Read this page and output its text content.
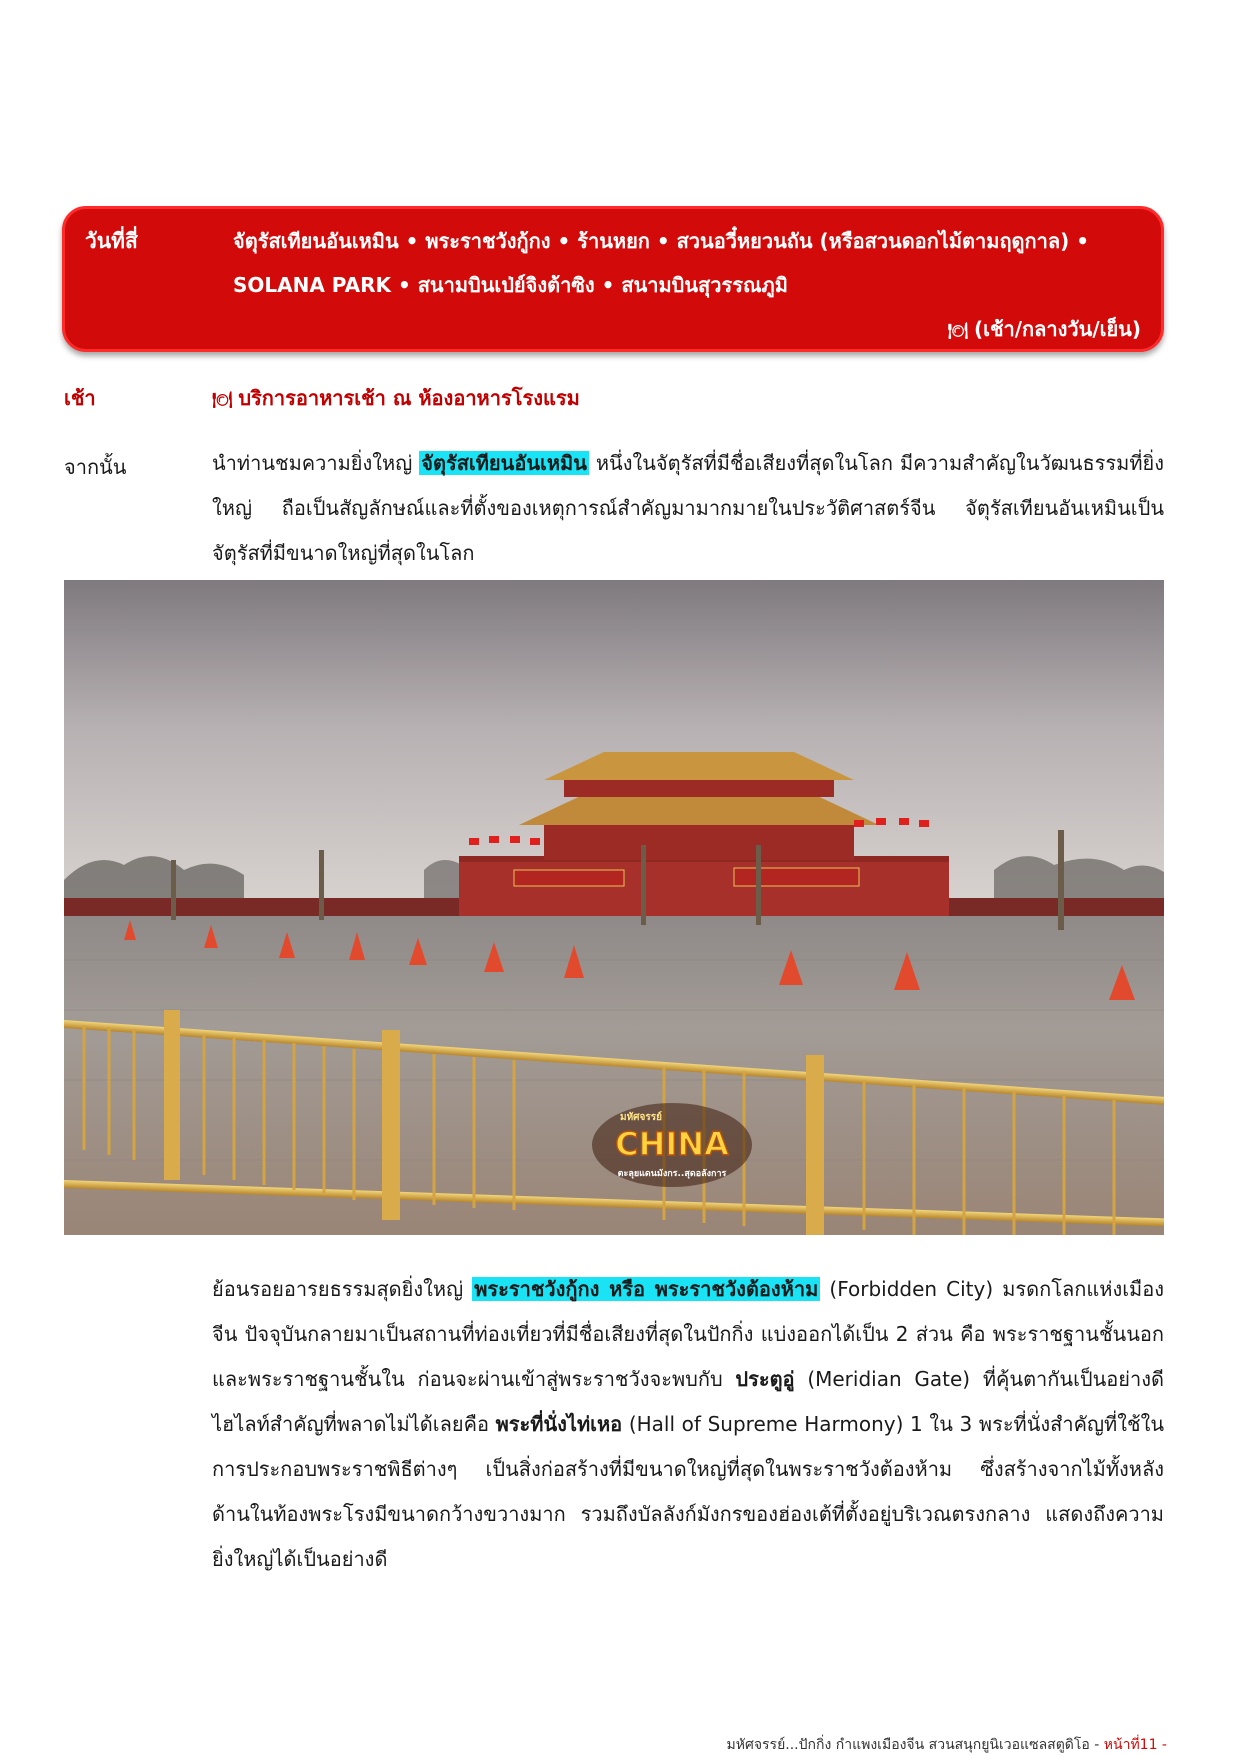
วันที่สี่	จัตุรัสเทียนอันเหมิน • พระราชวังกู้กง • ร้านหยก • สวนอวี๋หยวนถัน (หรือสวนดอกไม้ตามฤดูกาล) •
SOLANA PARK • สนามบินเป่ย์จิงต้าซิง • สนามบินสุวรรณภูมิ
🍽 (เช้า/กลางวัน/เย็น)
เช้า	🍽 บริการอาหารเช้า ณ ห้องอาหารโรงแรม
จากนั้น	นำท่านชมความยิ่งใหญ่ จัตุรัสเทียนอันเหมิน หนึ่งในจัตุรัสที่มีชื่อเสียงที่สุดในโลก มีความสำคัญในวัฒนธรรมที่ยิ่งใหญ่ ถือเป็นสัญลักษณ์และที่ตั้งของเหตุการณ์สำคัญมามากมายในประวัติศาสตร์จีน จัตุรัสเทียนอันเหมินเป็นจัตุรัสที่มีขนาดใหญ่ที่สุดในโลก
มหัศจรรย์
CHINA
ตะลุยแดนมังกร..สุดอลังการ
ย้อนรอยอารยธรรมสุดยิ่งใหญ่ พระราชวังกู้กง หรือ พระราชวังต้องห้าม (Forbidden City) มรดกโลกแห่งเมืองจีน ปัจจุบันกลายมาเป็นสถานที่ท่องเที่ยวที่มีชื่อเสียงที่สุดในปักกิ่ง แบ่งออกได้เป็น 2 ส่วน คือ พระราชฐานชั้นนอก และพระราชฐานชั้นใน ก่อนจะผ่านเข้าสู่พระราชวังจะพบกับ ประตูอู่ (Meridian Gate) ที่คุ้นตากันเป็นอย่างดี ไฮไลท์สำคัญที่พลาดไม่ได้เลยคือ พระที่นั่งไท่เหอ (Hall of Supreme Harmony) 1 ใน 3 พระที่นั่งสำคัญที่ใช้ในการประกอบพระราชพิธีต่างๆ เป็นสิ่งก่อสร้างที่มีขนาดใหญ่ที่สุดในพระราชวังต้องห้าม ซึ่งสร้างจากไม้ทั้งหลัง ด้านในท้องพระโรงมีขนาดกว้างขวางมาก รวมถึงบัลลังก์มังกรของฮ่องเต้ที่ตั้งอยู่บริเวณตรงกลาง แสดงถึงความยิ่งใหญ่ได้เป็นอย่างดี
มหัศจรรย์...ปักกิ่ง กำแพงเมืองจีน สวนสนุกยูนิเวอแซลสตูดิโอ - หน้าที่11 -
